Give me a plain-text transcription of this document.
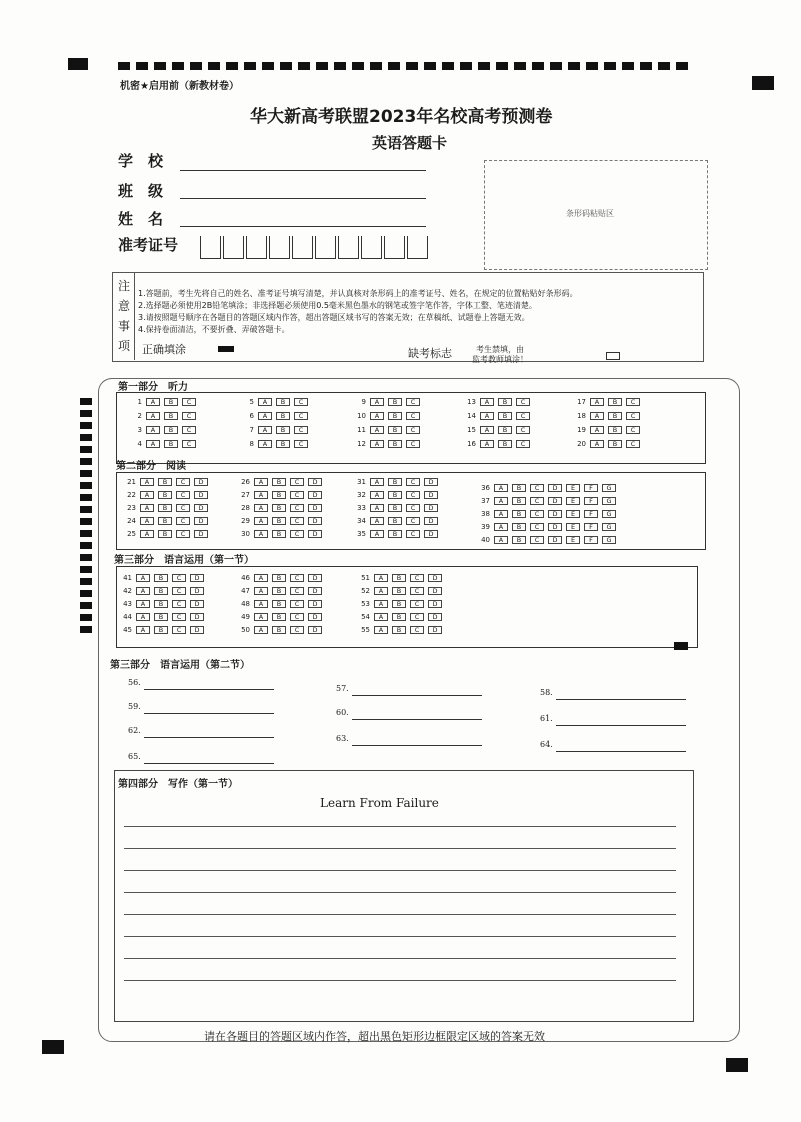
机密★启用前（新教材卷）
华大新高考联盟2023年名校高考预测卷
英语答题卡
学　校
班　级
姓　名
准考证号
条形码粘贴区
注
意
事
项
1.答题前，考生先将自己的姓名、准考证号填写清楚，并认真核对条形码上的准考证号、姓名，在规定的位置粘贴好条形码。
2.选择题必须使用2B铅笔填涂；非选择题必须使用0.5毫米黑色墨水的钢笔或签字笔作答，字体工整、笔迹清楚。
3.请按照题号顺序在各题目的答题区域内作答，超出答题区域书写的答案无效；在草稿纸、试题卷上答题无效。
4.保持卷面清洁，不要折叠、弄破答题卡。
正确填涂	缺考标志	考生禁填，由
监考教师填涂！
第一部分　听力
1 A B C
2 A B C
3 A B C
4 A B C
5 A B C
6 A B C
7 A B C
8 A B C
9 A B C
10 A B C
11 A B C
12 A B C
13 A B C
14 A B C
15 A B C
16 A B C
17 A B C
18 A B C
19 A B C
20 A B C
第二部分　阅读
21 A B C D
22 A B C D
23 A B C D
24 A B C D
25 A B C D
26 A B C D
27 A B C D
28 A B C D
29 A B C D
30 A B C D
31 A B C D
32 A B C D
33 A B C D
34 A B C D
35 A B C D
36 A B C D E F G
37 A B C D E F G
38 A B C D E F G
39 A B C D E F G
40 A B C D E F G
第三部分　语言运用（第一节）
41 A B C D
42 A B C D
43 A B C D
44 A B C D
45 A B C D
46 A B C D
47 A B C D
48 A B C D
49 A B C D
50 A B C D
51 A B C D
52 A B C D
53 A B C D
54 A B C D
55 A B C D
第三部分　语言运用（第二节）
56.
57.	58.
59.
60.
61.
62.
63.
64.
65.
第四部分　写作（第一节）
Learn From Failure
请在各题目的答题区域内作答，超出黑色矩形边框限定区域的答案无效
